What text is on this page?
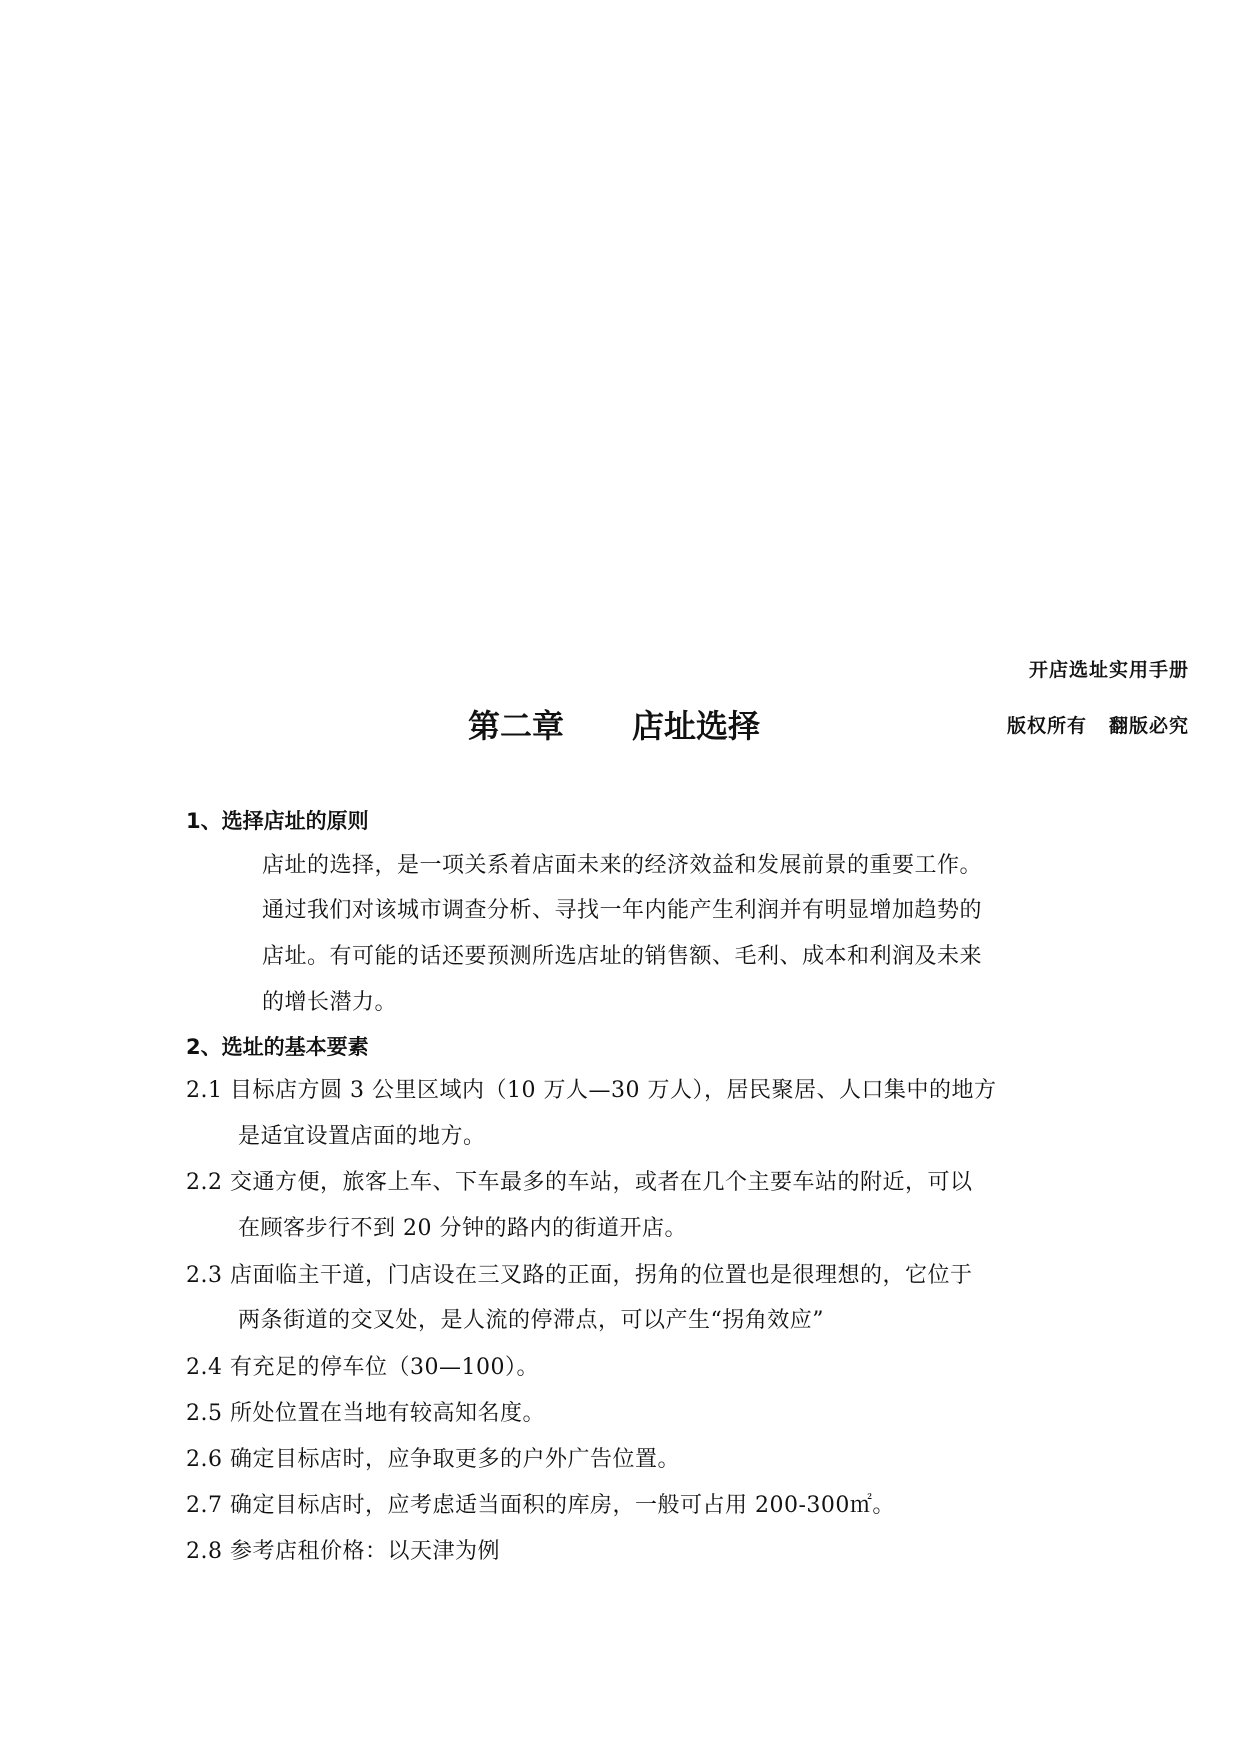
开店选址实用手册
版权所有 翻版必究
第二章 店址选择
1、选择店址的原则
店址的选择，是一项关系着店面未来的经济效益和发展前景的重要工作。
通过我们对该城市调查分析、寻找一年内能产生利润并有明显增加趋势的
店址。有可能的话还要预测所选店址的销售额、毛利、成本和利润及未来
的增长潜力。
2、选址的基本要素
2.1 目标店方圆 3 公里区域内（10 万人—30 万人），居民聚居、人口集中的地方
是适宜设置店面的地方。
2.2 交通方便，旅客上车、下车最多的车站，或者在几个主要车站的附近，可以
在顾客步行不到 20 分钟的路内的街道开店。
2.3 店面临主干道，门店设在三叉路的正面，拐角的位置也是很理想的，它位于
两条街道的交叉处，是人流的停滞点，可以产生“拐角效应”
2.4 有充足的停车位（30—100）。
2.5 所处位置在当地有较高知名度。
2.6 确定目标店时，应争取更多的户外广告位置。
2.7 确定目标店时，应考虑适当面积的库房，一般可占用 200-300㎡。
2.8 参考店租价格：以天津为例
